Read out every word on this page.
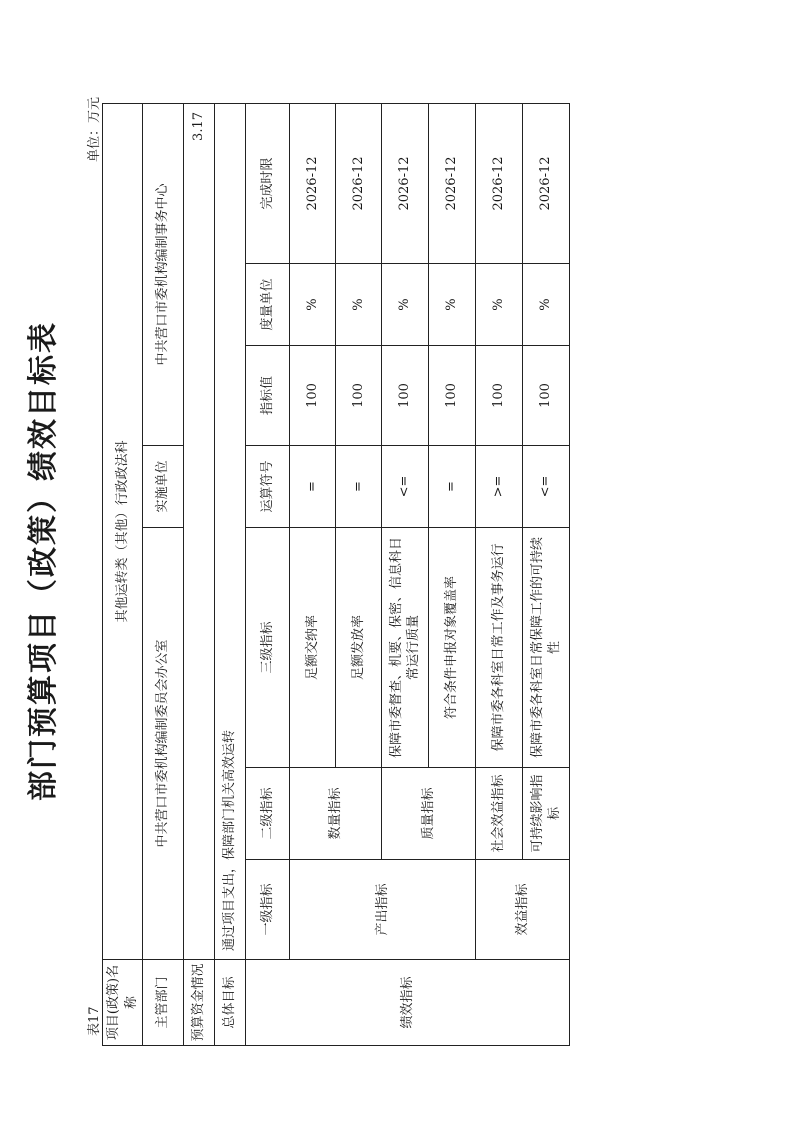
部门预算项目（政策）绩效目标表
表17
单位：万元
项目(政策)名称	其他运转类（其他）行政政法科						
主管部门	中共营口市委机构编制委员会办公室			实施单位	中共营口市委机构编制事务中心		
预算资金情况	3.17						
总体目标	通过项目支出，保障部门机关高效运转						
绩效指标	一级指标	二级指标	三级指标	运算符号	指标值	度量单位	完成时限
	产出指标	数量指标	足额交纳率	=	100	%	2026-12
			足额发放率	=	100	%	2026-12
		质量指标	保障市委督查、机要、保密、信息科日常运行质量	<=	100	%	2026-12
			符合条件申报对象覆盖率	=	100	%	2026-12
	效益指标	社会效益指标	保障市委各科室日常工作及事务运行	>=	100	%	2026-12
		可持续影响指标	保障市委各科室日常保障工作的可持续性	<=	100	%	2026-12
